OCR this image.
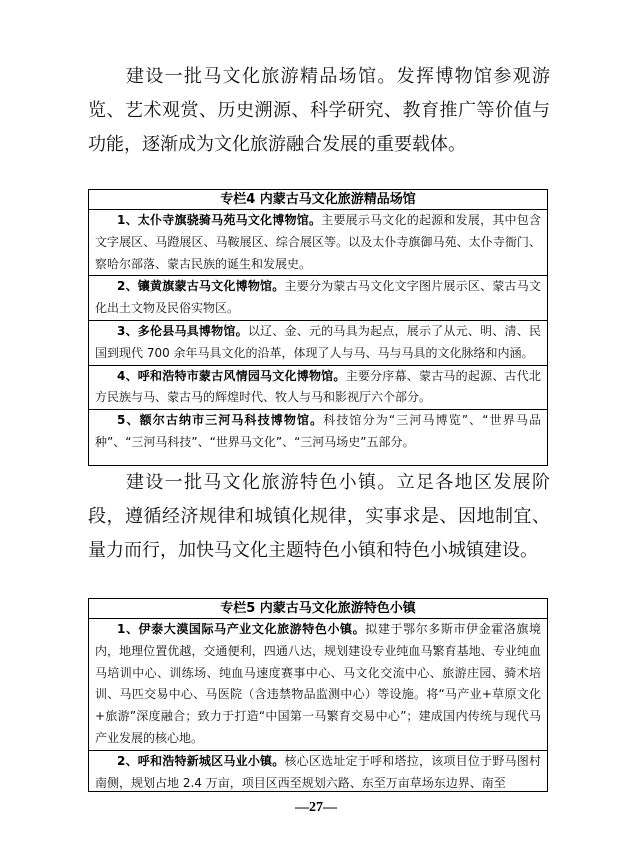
建设一批马文化旅游精品场馆。发挥博物馆参观游览、艺术观赏、历史溯源、科学研究、教育推广等价值与功能，逐渐成为文化旅游融合发展的重要载体。

专栏4 内蒙古马文化旅游精品场馆
1、太仆寺旗骁骑马苑马文化博物馆。主要展示马文化的起源和发展，其中包含文字展区、马蹬展区、马鞍展区、综合展区等。以及太仆寺旗御马苑、太仆寺衙门、察哈尔部落、蒙古民族的诞生和发展史。
2、镶黄旗蒙古马文化博物馆。主要分为蒙古马文化文字图片展示区、蒙古马文化出土文物及民俗实物区。
3、多伦县马具博物馆。以辽、金、元的马具为起点，展示了从元、明、清、民国到现代 700 余年马具文化的沿革，体现了人与马、马与马具的文化脉络和内涵。
4、呼和浩特市蒙古风情园马文化博物馆。主要分序幕、蒙古马的起源、古代北方民族与马、蒙古马的辉煌时代、牧人与马和影视厅六个部分。
5、额尔古纳市三河马科技博物馆。科技馆分为“三河马博览”、“世界马品种”、“三河马科技”、“世界马文化”、“三河马场史”五部分。

建设一批马文化旅游特色小镇。立足各地区发展阶段，遵循经济规律和城镇化规律，实事求是、因地制宜、量力而行，加快马文化主题特色小镇和特色小城镇建设。

专栏5 内蒙古马文化旅游特色小镇
1、伊泰大漠国际马产业文化旅游特色小镇。拟建于鄂尔多斯市伊金霍洛旗境内，地理位置优越，交通便利，四通八达，规划建设专业纯血马繁育基地、专业纯血马培训中心、训练场、纯血马速度赛事中心、马文化交流中心、旅游庄园、骑术培训、马匹交易中心、马医院（含违禁物品监测中心）等设施。将“马产业+草原文化+旅游”深度融合；致力于打造“中国第一马繁育交易中心”；建成国内传统与现代马产业发展的核心地。
2、呼和浩特新城区马业小镇。核心区选址定于呼和塔拉，该项目位于野马图村南侧，规划占地 2.4 万亩，项目区西至规划六路、东至万亩草场东边界、南至
—27—
